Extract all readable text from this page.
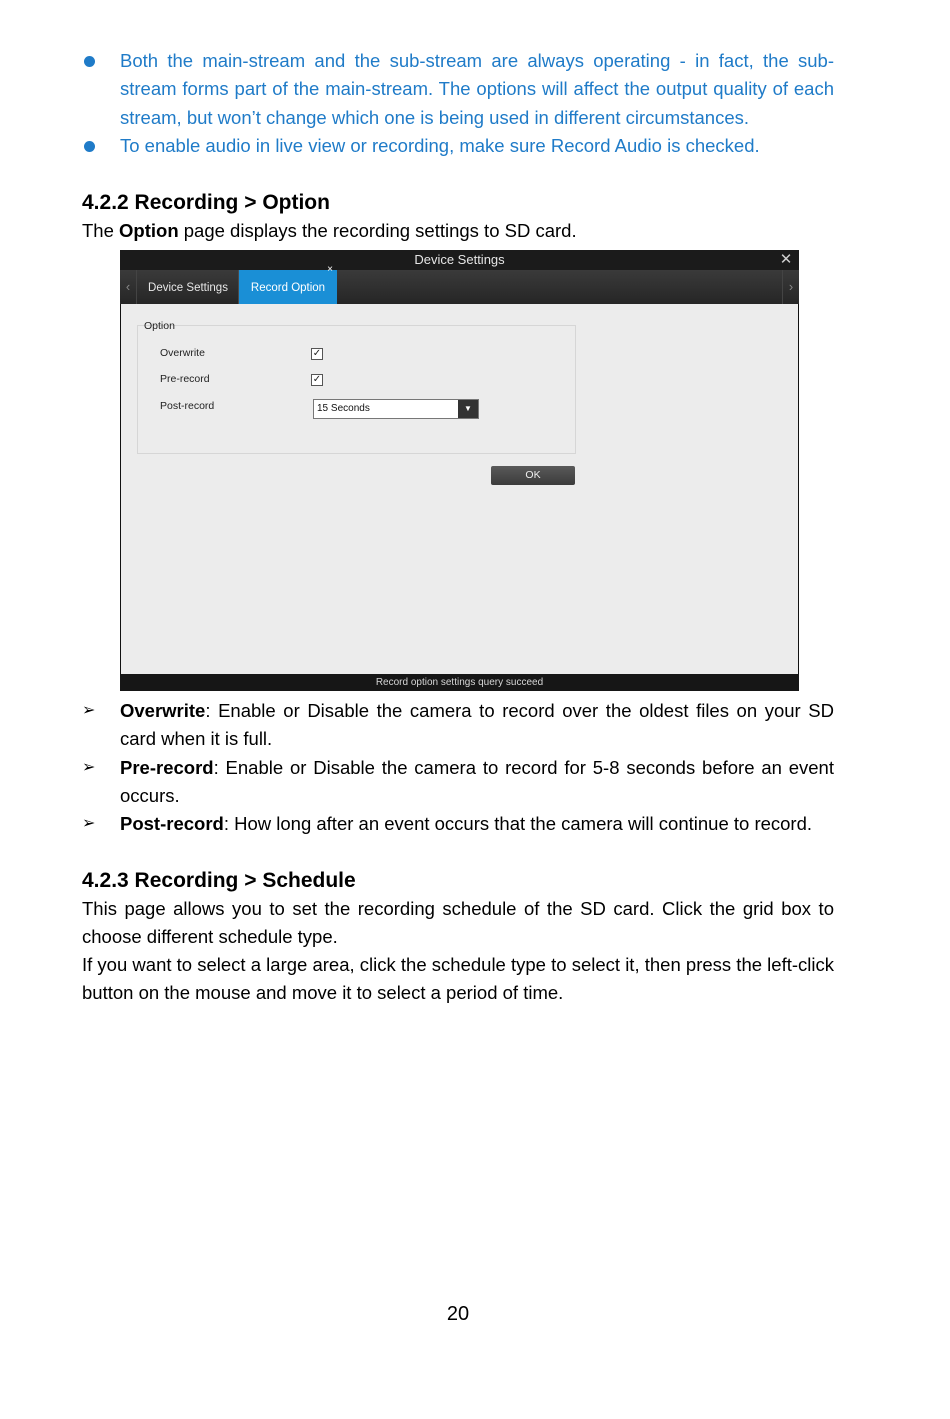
Both the main-stream and the sub-stream are always operating - in fact, the sub-stream forms part of the main-stream. The options will affect the output quality of each stream, but won’t change which one is being used in different circumstances.
To enable audio in live view or recording, make sure Record Audio is checked.
4.2.2 Recording > Option

The Option page displays the recording settings to SD card.

Device Settings	✕
‹	Device Settings	Record Option
×
›
Option
Overwrite	✓
Pre-record	✓
Post-record	15 Seconds	▼
OK
Record option settings query succeed
➢ Overwrite: Enable or Disable the camera to record over the oldest files on your SD card when it is full.
➢ Pre-record: Enable or Disable the camera to record for 5-8 seconds before an event occurs.
➢ Post-record: How long after an event occurs that the camera will continue to record.
4.2.3 Recording > Schedule

This page allows you to set the recording schedule of the SD card. Click the grid box to choose different schedule type.

If you want to select a large area, click the schedule type to select it, then press the left-click button on the mouse and move it to select a period of time.

20
